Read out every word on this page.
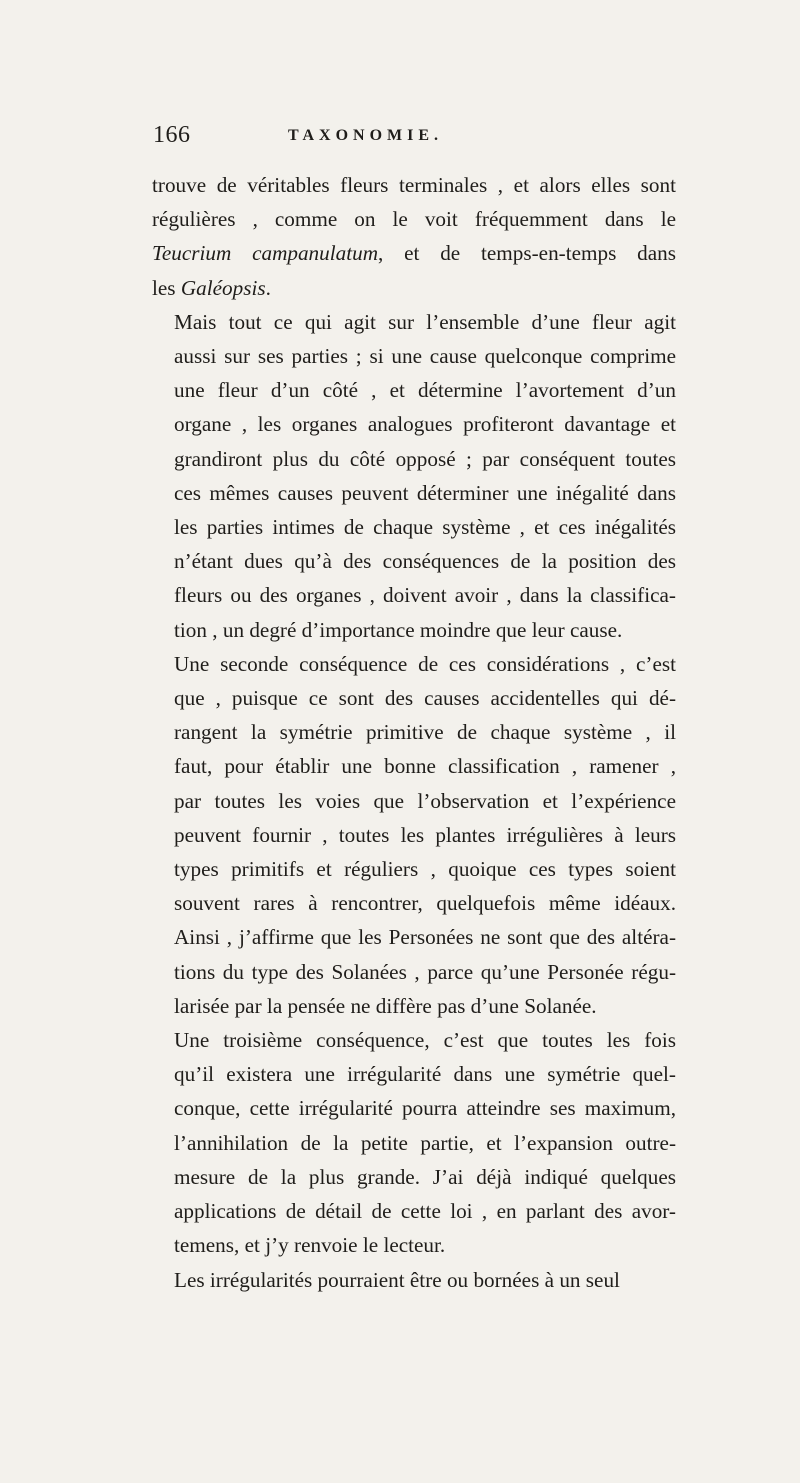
166	TAXONOMIE.
trouve de véritables fleurs terminales , et alors elles sont
régulières , comme on le voit fréquemment dans le
Teucrium campanulatum, et de temps-en-temps dans
les Galéopsis.
Mais tout ce qui agit sur l’ensemble d’une fleur agit
aussi sur ses parties ; si une cause quelconque comprime
une fleur d’un côté , et détermine l’avortement d’un
organe , les organes analogues profiteront davantage et
grandiront plus du côté opposé ; par conséquent toutes
ces mêmes causes peuvent déterminer une inégalité dans
les parties intimes de chaque système , et ces inégalités
n’étant dues qu’à des conséquences de la position des
fleurs ou des organes , doivent avoir , dans la classifica-
tion , un degré d’importance moindre que leur cause.
Une seconde conséquence de ces considérations , c’est
que , puisque ce sont des causes accidentelles qui dé-
rangent la symétrie primitive de chaque système , il
faut, pour établir une bonne classification , ramener ,
par toutes les voies que l’observation et l’expérience
peuvent fournir , toutes les plantes irrégulières à leurs
types primitifs et réguliers , quoique ces types soient
souvent rares à rencontrer, quelquefois même idéaux.
Ainsi , j’affirme que les Personées ne sont que des altéra-
tions du type des Solanées , parce qu’une Personée régu-
larisée par la pensée ne diffère pas d’une Solanée.
Une troisième conséquence, c’est que toutes les fois
qu’il existera une irrégularité dans une symétrie quel-
conque, cette irrégularité pourra atteindre ses maximum,
l’annihilation de la petite partie, et l’expansion outre-
mesure de la plus grande. J’ai déjà indiqué quelques
applications de détail de cette loi , en parlant des avor-
temens, et j’y renvoie le lecteur.
Les irrégularités pourraient être ou bornées à un seul
